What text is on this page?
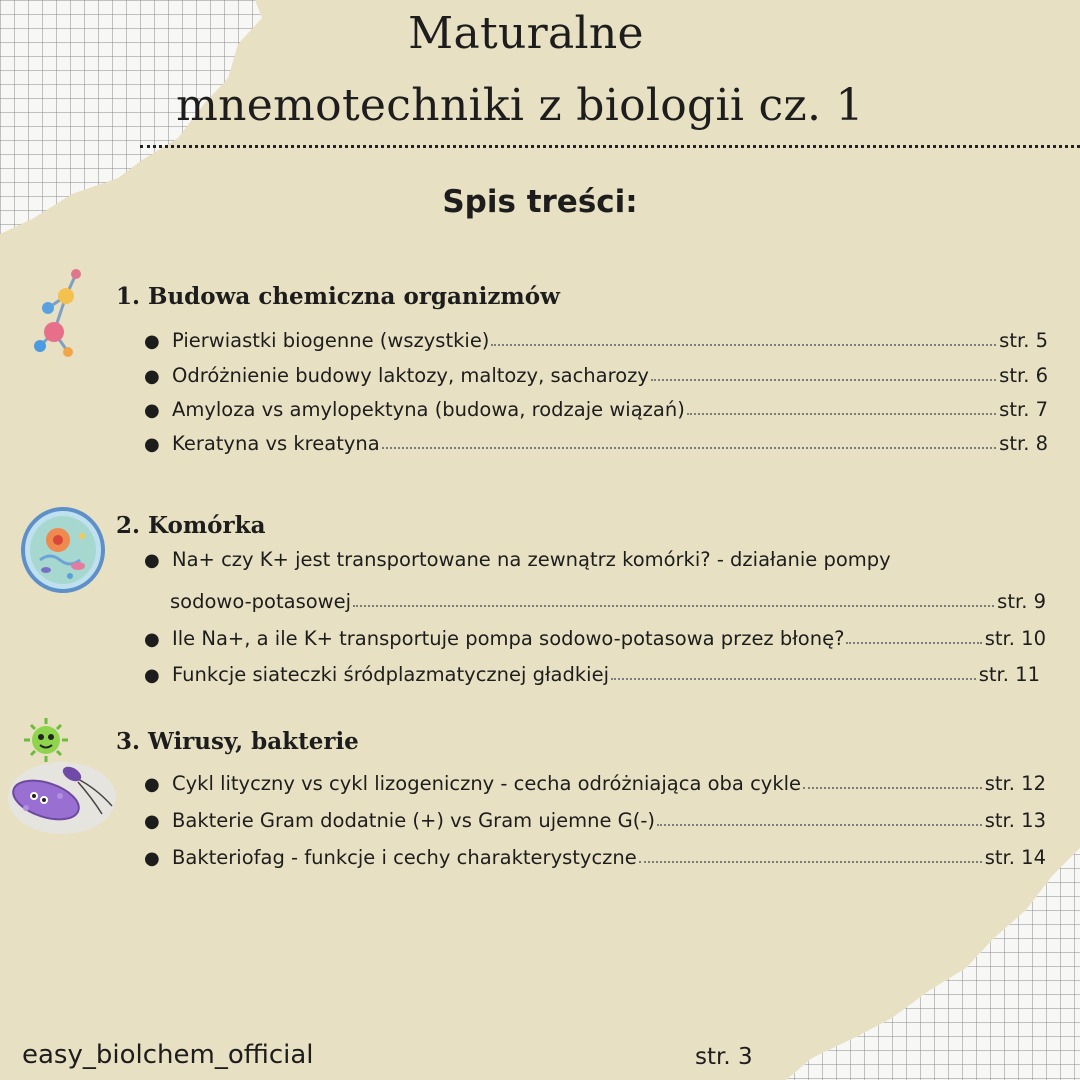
Maturalne
mnemotechniki z biologii cz. 1
Spis treści:
1. Budowa chemiczna organizmów
● Pierwiastki biogenne (wszystkie)	str. 5
● Odróżnienie budowy laktozy, maltozy, sacharozy	str. 6
● Amyloza vs amylopektyna (budowa, rodzaje wiązań)	str. 7
● Keratyna vs kreatyna	str. 8
2. Komórka
● Na+ czy K+ jest transportowane na zewnątrz komórki? - działanie pompy
sodowo-potasowej	str. 9
● Ile Na+, a ile K+ transportuje pompa sodowo-potasowa przez błonę?	str. 10
● Funkcje siateczki śródplazmatycznej gładkiej	str. 11
3. Wirusy, bakterie
● Cykl lityczny vs cykl lizogeniczny - cecha odróżniająca oba cykle	str. 12
● Bakterie Gram dodatnie (+) vs Gram ujemne G(-)	str. 13
● Bakteriofag - funkcje i cechy charakterystyczne	str. 14
easy_biolchem_official	str. 3
